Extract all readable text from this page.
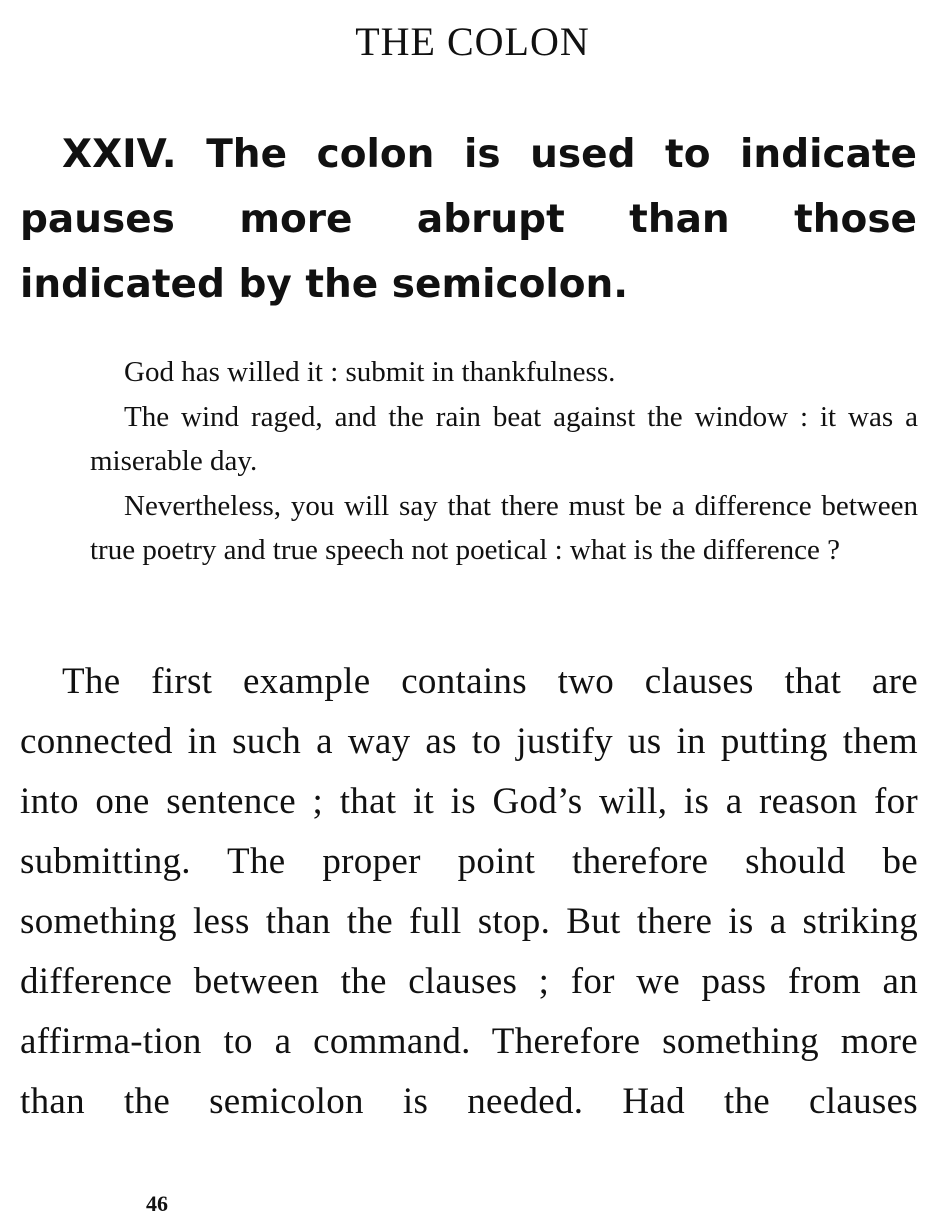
THE COLON
XXIV. The colon is used to indicate pauses more abrupt than those indicated by the semicolon.

God has willed it : submit in thankfulness.

The wind raged, and the rain beat against the window : it was a miserable day.

Nevertheless, you will say that there must be a difference between true poetry and true speech not poetical : what is the difference ?

The first example contains two clauses that are connected in such a way as to justify us in putting them into one sentence ; that it is God’s will, is a reason for submitting. The proper point therefore should be something less than the full stop. But there is a striking difference between the clauses ; for we pass from an affirma-tion to a command. Therefore something more than the semicolon is needed. Had the clauses

46
